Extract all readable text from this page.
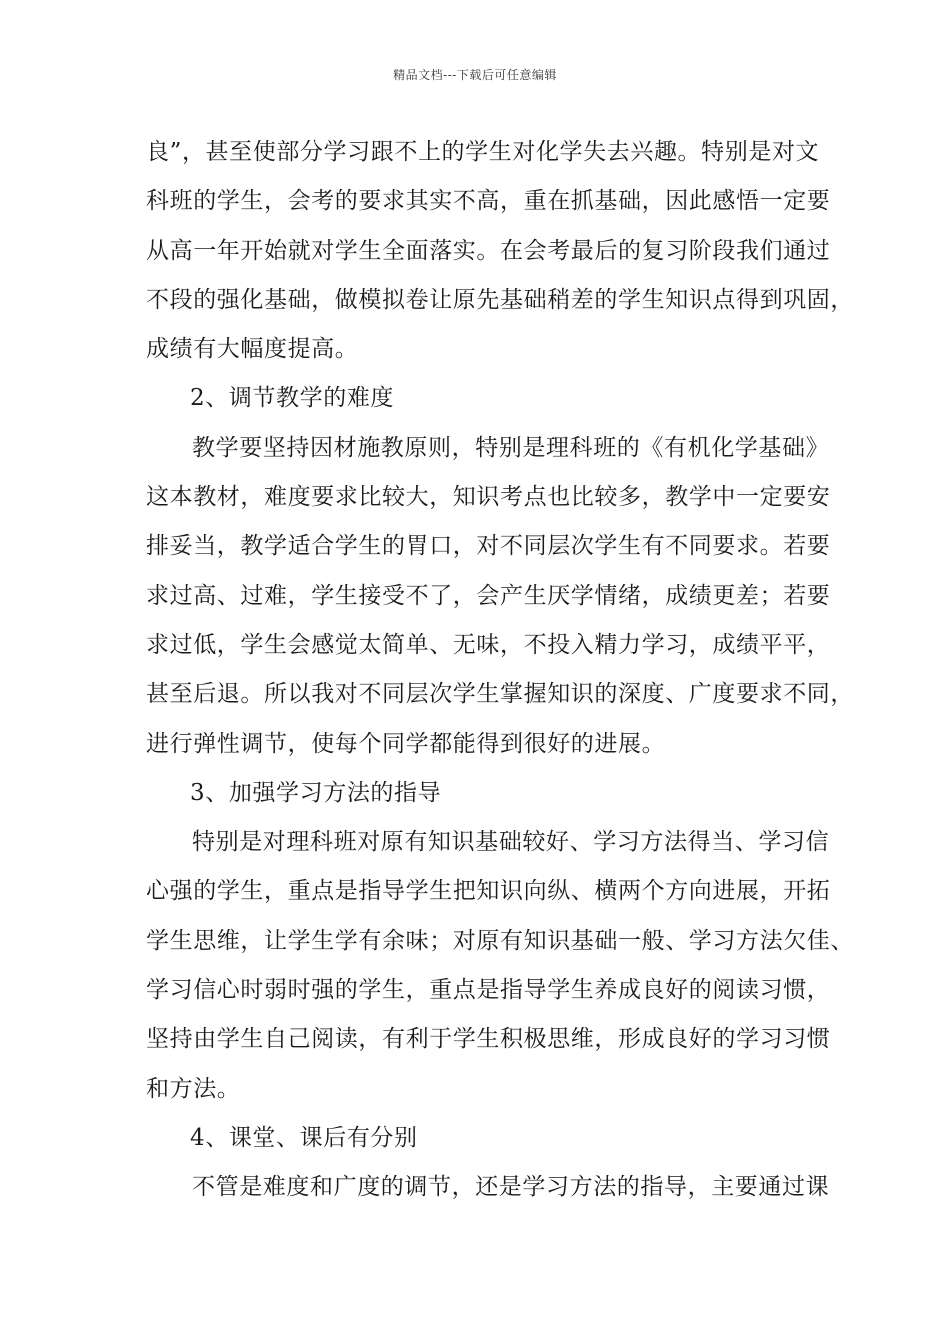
精品文档---下载后可任意编辑
良”，甚至使部分学习跟不上的学生对化学失去兴趣。特别是对文
科班的学生，会考的要求其实不高，重在抓基础，因此感悟一定要
从高一年开始就对学生全面落实。在会考最后的复习阶段我们通过
不段的强化基础，做模拟卷让原先基础稍差的学生知识点得到巩固，
成绩有大幅度提高。
2、调节教学的难度
教学要坚持因材施教原则，特别是理科班的《有机化学基础》
这本教材，难度要求比较大，知识考点也比较多，教学中一定要安
排妥当，教学适合学生的胃口，对不同层次学生有不同要求。若要
求过高、过难，学生接受不了，会产生厌学情绪，成绩更差；若要
求过低，学生会感觉太简单、无味，不投入精力学习，成绩平平，
甚至后退。所以我对不同层次学生掌握知识的深度、广度要求不同，
进行弹性调节，使每个同学都能得到很好的进展。
3、加强学习方法的指导
特别是对理科班对原有知识基础较好、学习方法得当、学习信
心强的学生，重点是指导学生把知识向纵、横两个方向进展，开拓
学生思维，让学生学有余味；对原有知识基础一般、学习方法欠佳、
学习信心时弱时强的学生，重点是指导学生养成良好的阅读习惯，
坚持由学生自己阅读，有利于学生积极思维，形成良好的学习习惯
和方法。
4、课堂、课后有分别
不管是难度和广度的调节，还是学习方法的指导，主要通过课
